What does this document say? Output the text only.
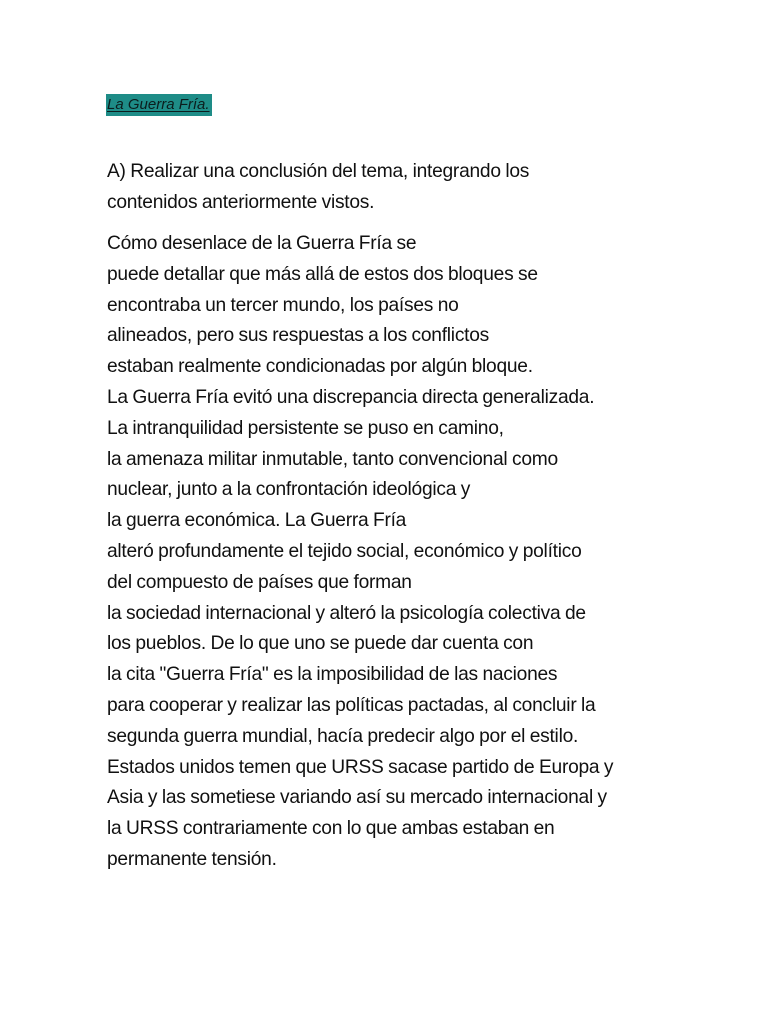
La Guerra Fría.
A) Realizar una conclusión del tema, integrando los
contenidos anteriormente vistos.
Cómo desenlace de la Guerra Fría se
puede detallar que más allá de estos dos bloques se
encontraba un tercer mundo, los países no
alineados, pero sus respuestas a los conflictos
estaban realmente condicionadas por algún bloque.
La Guerra Fría evitó una discrepancia directa generalizada.
La intranquilidad persistente se puso en camino,
la amenaza militar inmutable, tanto convencional como
nuclear, junto a la confrontación ideológica y
la guerra económica. La Guerra Fría
alteró profundamente el tejido social, económico y político
del compuesto de países que forman
la sociedad internacional y alteró la psicología colectiva de
los pueblos. De lo que uno se puede dar cuenta con
la cita "Guerra Fría" es la imposibilidad de las naciones
para cooperar y realizar las políticas pactadas, al concluir la
segunda guerra mundial, hacía predecir algo por el estilo.
Estados unidos temen que URSS sacase partido de Europa y
Asia y las sometiese variando así su mercado internacional y
la URSS contrariamente con lo que ambas estaban en
permanente tensión.
